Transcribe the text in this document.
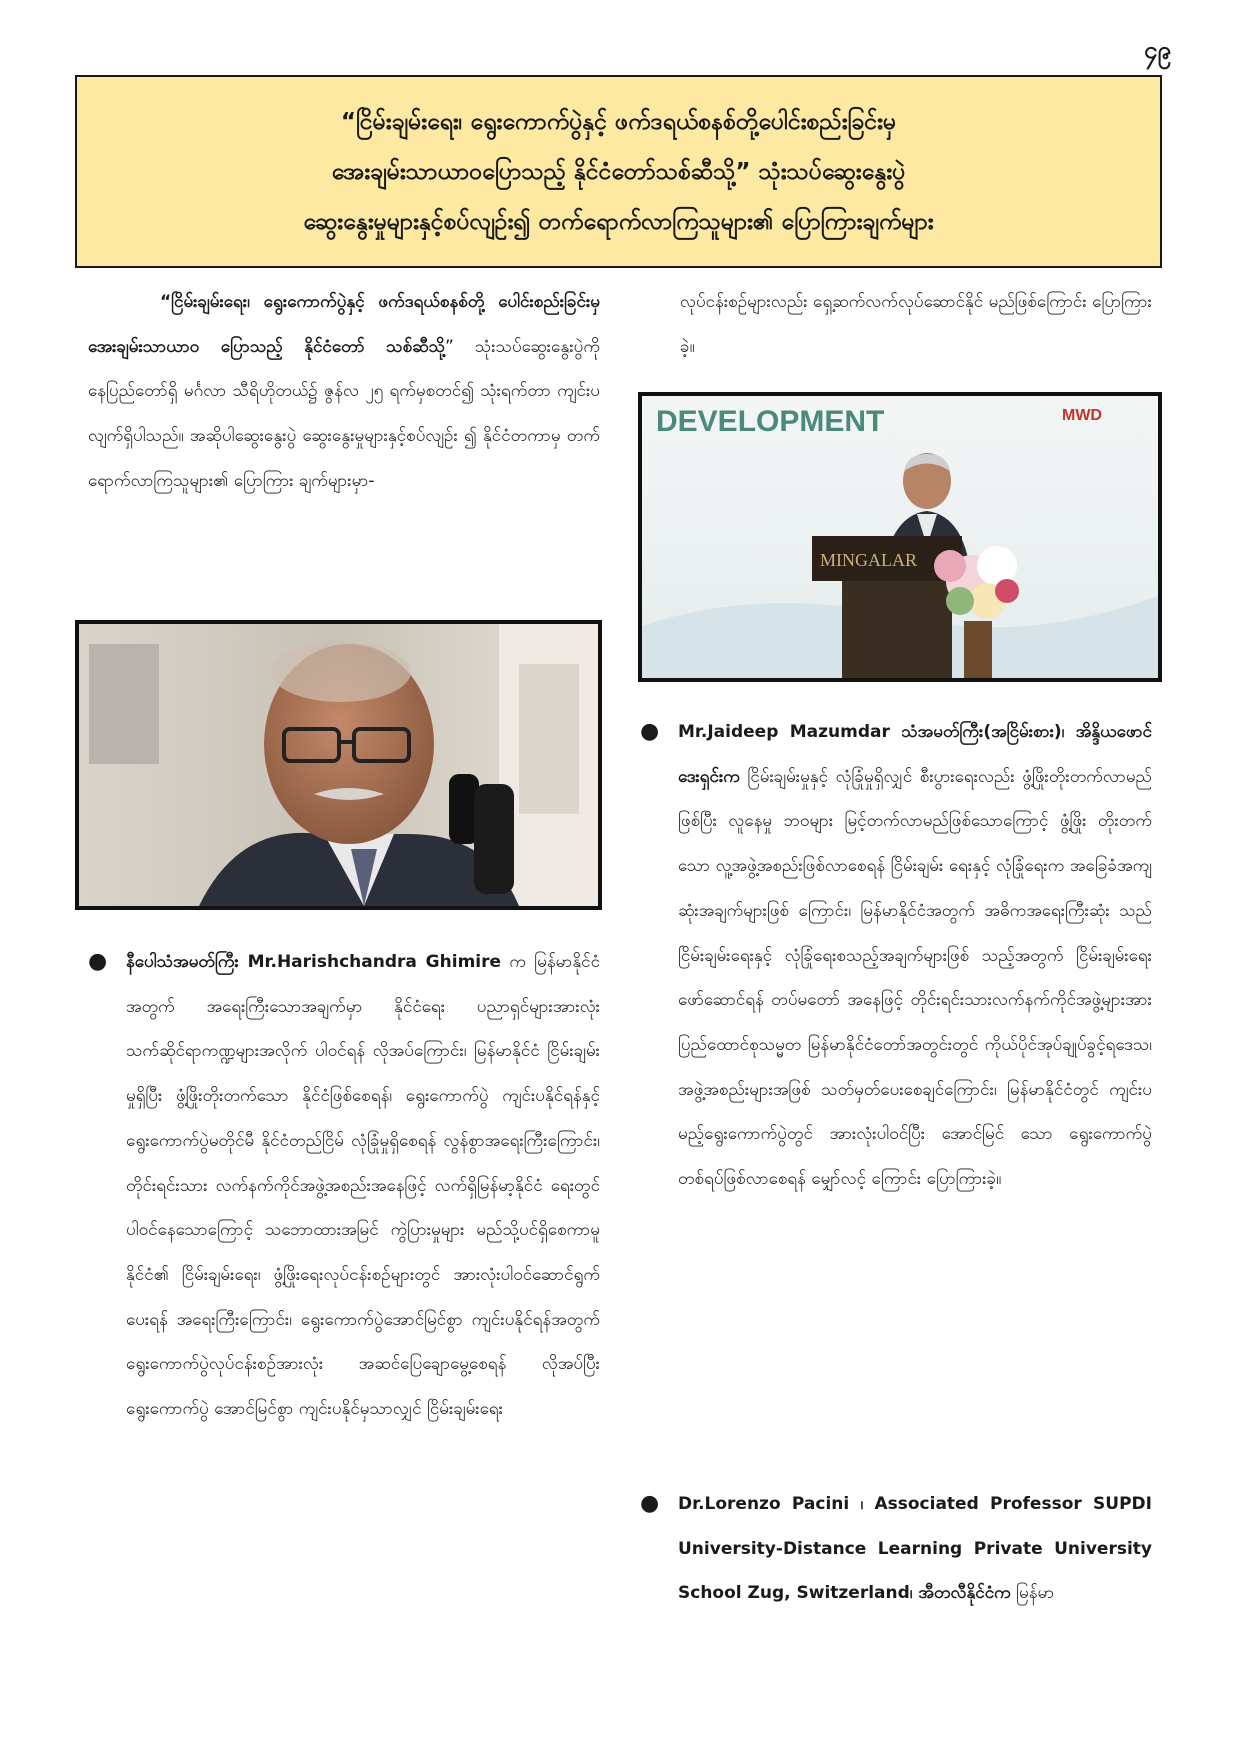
၄၉
“ငြိမ်းချမ်းရေး၊ ရွေးကောက်ပွဲနှင့် ဖက်ဒရယ်စနစ်တို့ပေါင်းစည်းခြင်းမှ
အေးချမ်းသာယာဝပြောသည့် နိုင်ငံတော်သစ်ဆီသို့” သုံးသပ်ဆွေးနွေးပွဲ
ဆွေးနွေးမှုများနှင့်စပ်လျဉ်း၍ တက်ရောက်လာကြသူများ၏ ပြောကြားချက်များ

“ငြိမ်းချမ်းရေး၊ ရွေးကောက်ပွဲနှင့် ဖက်ဒရယ်စနစ်တို့ ပေါင်းစည်းခြင်းမှ အေးချမ်းသာယာဝ ပြောသည့် နိုင်ငံတော် သစ်ဆီသို့” သုံးသပ်ဆွေးနွေးပွဲကို နေပြည်တော်ရှိ မင်္ဂလာ သီရိဟိုတယ်၌ ဇွန်လ ၂၅ ရက်မှစတင်၍ သုံးရက်တာ ကျင်းပ လျက်ရှိပါသည်။ အဆိုပါဆွေးနွေးပွဲ ဆွေးနွေးမှုများနှင့်စပ်လျဉ်း ၍ နိုင်ငံတကာမှ တက်ရောက်လာကြသူများ၏ ပြောကြား ချက်များမှာ-

● နီပေါသံအမတ်ကြီး Mr.Harishchandra Ghimire က မြန်မာနိုင်ငံအတွက် အရေးကြီးသောအချက်မှာ နိုင်ငံရေး ပညာရှင်များအားလုံး သက်ဆိုင်ရာကဏ္ဍများအလိုက် ပါဝင်ရန် လိုအပ်ကြောင်း၊ မြန်မာနိုင်ငံ ငြိမ်းချမ်းမှုရှိပြီး ဖွံ့ဖြိုးတိုးတက်သော နိုင်ငံဖြစ်စေရန်၊ ရွေးကောက်ပွဲ ကျင်းပနိုင်ရန်နှင့် ရွေးကောက်ပွဲမတိုင်မီ နိုင်ငံတည်ငြိမ် လုံခြုံမှုရှိစေရန် လွန်စွာအရေးကြီးကြောင်း၊ တိုင်းရင်းသား လက်နက်ကိုင်အဖွဲ့အစည်းအနေဖြင့် လက်ရှိမြန်မာ့နိုင်ငံ ရေးတွင် ပါဝင်နေသောကြောင့် သဘောထားအမြင် ကွဲပြားမှုများ မည်သို့ပင်ရှိစေကာမူ နိုင်ငံ၏ ငြိမ်းချမ်းရေး၊ ဖွံ့ဖြိုးရေးလုပ်ငန်းစဉ်များတွင် အားလုံးပါဝင်ဆောင်ရွက် ပေးရန် အရေးကြီးကြောင်း၊ ရွေးကောက်ပွဲအောင်မြင်စွာ ကျင်းပနိုင်ရန်အတွက် ရွေးကောက်ပွဲလုပ်ငန်းစဉ်အားလုံး အဆင်ပြေချောမွေ့စေရန် လိုအပ်ပြီး ရွေးကောက်ပွဲ အောင်မြင်စွာ ကျင်းပနိုင်မှသာလျှင် ငြိမ်းချမ်းရေး

လုပ်ငန်းစဉ်များလည်း ရှေ့ဆက်လက်လုပ်ဆောင်နိုင် မည်ဖြစ်ကြောင်း ပြောကြားခဲ့။

DEVELOPMENT	MWD
MINGALAR
● Mr.Jaideep Mazumdar သံအမတ်ကြီး(အငြိမ်းစား)၊ အိန္ဒိယဖောင်ဒေးရှင်းက ငြိမ်းချမ်းမှုနှင့် လုံခြုံမှုရှိလျှင် စီးပွားရေးလည်း ဖွံ့ဖြိုးတိုးတက်လာမည်ဖြစ်ပြီး လူနေမှု ဘဝများ မြင့်တက်လာမည်ဖြစ်သောကြောင့် ဖွံ့ဖြိုး တိုးတက်သော လူ့အဖွဲ့အစည်းဖြစ်လာစေရန် ငြိမ်းချမ်း ရေးနှင့် လုံခြုံရေးက အခြေခံအကျဆုံးအချက်များဖြစ် ကြောင်း၊ မြန်မာနိုင်ငံအတွက် အဓိကအရေးကြီးဆုံး သည် ငြိမ်းချမ်းရေးနှင့် လုံခြုံရေးစသည့်အချက်များဖြစ် သည့်အတွက် ငြိမ်းချမ်းရေးဖော်ဆောင်ရန် တပ်မတော် အနေဖြင့် တိုင်းရင်းသားလက်နက်ကိုင်အဖွဲ့များအား ပြည်ထောင်စုသမ္မတ မြန်မာနိုင်ငံတော်အတွင်းတွင် ကိုယ်ပိုင်အုပ်ချုပ်ခွင့်ရဒေသ၊ အဖွဲ့အစည်းများအဖြစ် သတ်မှတ်ပေးစေချင်ကြောင်း၊ မြန်မာနိုင်ငံတွင် ကျင်းပ မည့်ရွေးကောက်ပွဲတွင် အားလုံးပါဝင်ပြီး အောင်မြင် သော ရွေးကောက်ပွဲတစ်ရပ်ဖြစ်လာစေရန် မျှော်လင့် ကြောင်း ပြောကြားခဲ့။

● Dr.Lorenzo Pacini ၊ Associated Professor SUPDI University-Distance Learning Private University School Zug, Switzerland၊ အီတလီနိုင်ငံက မြန်မာ
